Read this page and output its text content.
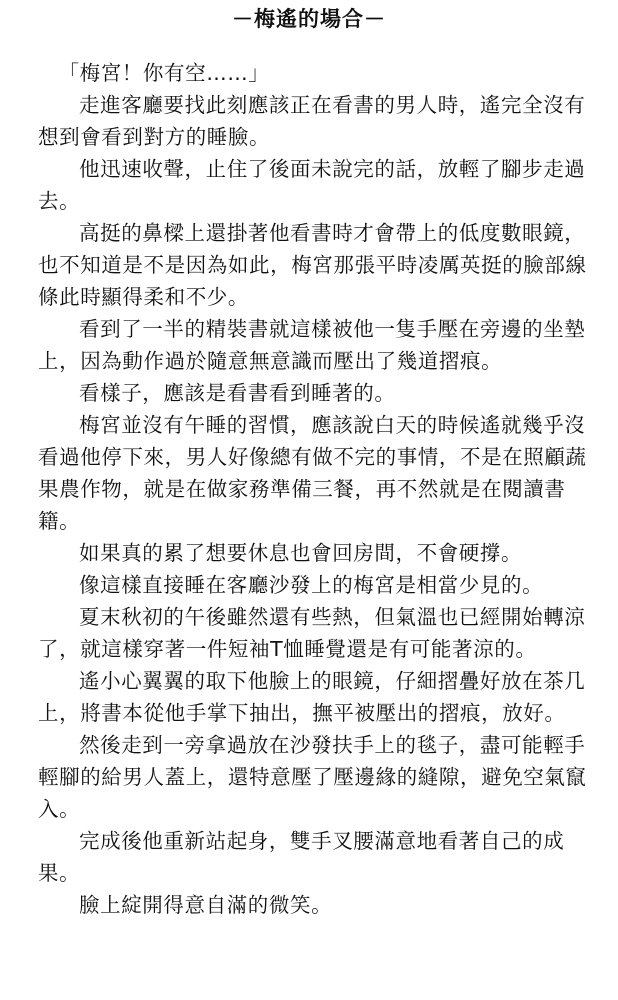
－梅遙的場合－

「梅宮！你有空……」

走進客廳要找此刻應該正在看書的男人時，遙完全沒有想到會看到對方的睡臉。

他迅速收聲，止住了後面未說完的話，放輕了腳步走過去。

高挺的鼻樑上還掛著他看書時才會帶上的低度數眼鏡，也不知道是不是因為如此，梅宮那張平時凌厲英挺的臉部線條此時顯得柔和不少。

看到了一半的精裝書就這樣被他一隻手壓在旁邊的坐墊上，因為動作過於隨意無意識而壓出了幾道摺痕。

看樣子，應該是看書看到睡著的。

梅宮並沒有午睡的習慣，應該說白天的時候遙就幾乎沒看過他停下來，男人好像總有做不完的事情，不是在照顧蔬果農作物，就是在做家務準備三餐，再不然就是在閱讀書籍。

如果真的累了想要休息也會回房間，不會硬撐。

像這樣直接睡在客廳沙發上的梅宮是相當少見的。

夏末秋初的午後雖然還有些熱，但氣溫也已經開始轉涼了，就這樣穿著一件短袖T恤睡覺還是有可能著涼的。

遙小心翼翼的取下他臉上的眼鏡，仔細摺疊好放在茶几上，將書本從他手掌下抽出，撫平被壓出的摺痕，放好。

然後走到一旁拿過放在沙發扶手上的毯子，盡可能輕手輕腳的給男人蓋上，還特意壓了壓邊緣的縫隙，避免空氣竄入。

完成後他重新站起身，雙手叉腰滿意地看著自己的成果。

臉上綻開得意自滿的微笑。
